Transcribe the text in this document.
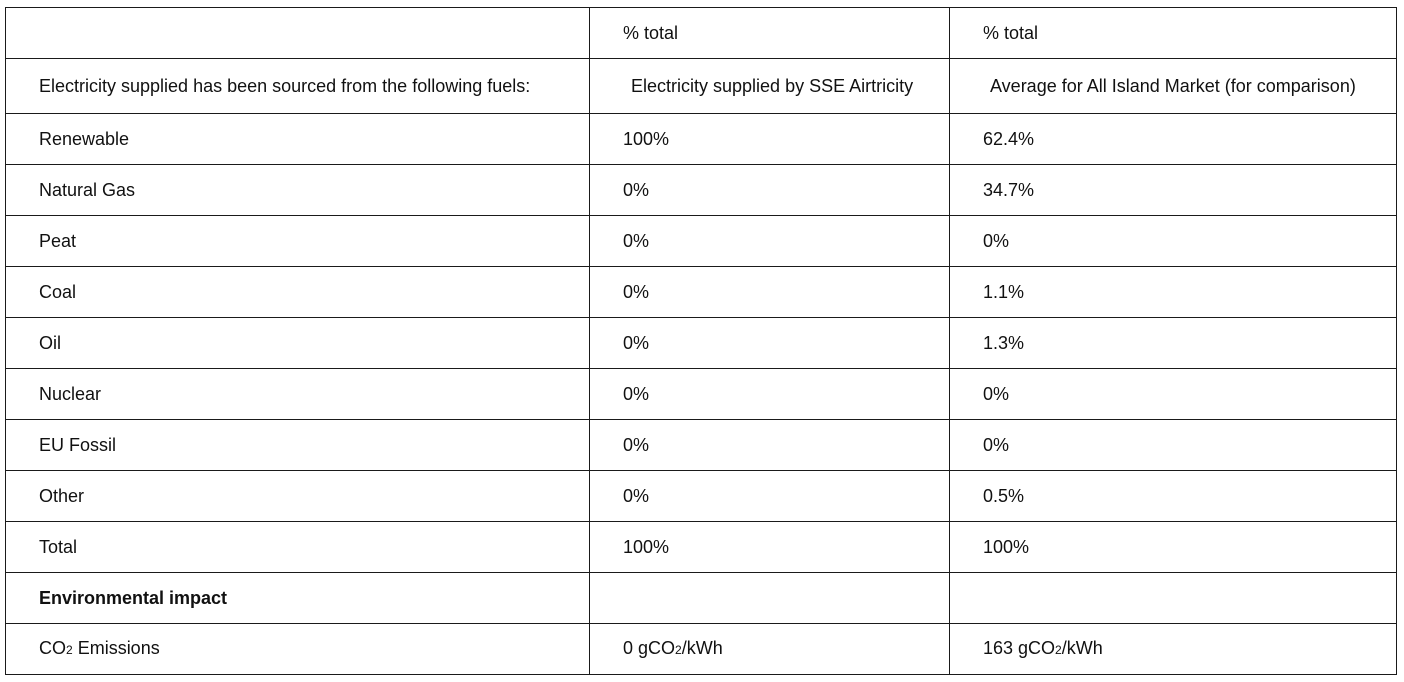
	% total	% total

Electricity supplied has been sourced from the following fuels:	Electricity supplied by SSE Airtricity	Average for All Island Market (for comparison)

Renewable	100%	62.4%

Natural Gas	0%	34.7%

Peat	0%	0%

Coal	0%	1.1%

Oil	0%	1.3%

Nuclear	0%	0%

EU Fossil	0%	0%

Other	0%	0.5%

Total	100%	100%

Environmental impact		

CO2 Emissions	0 gCO2/kWh	163 gCO2/kWh
